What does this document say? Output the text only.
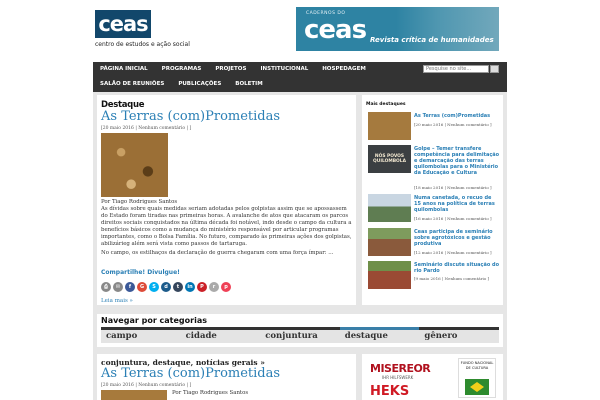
ceas
centro de estudos e ação social
CADERNOS DO
ceas Revista crítica de humanidades
PÁGINA INICIAL	PROGRAMAS	PROJETOS	INSTITUCIONAL	HOSPEDAGEM
SALÃO DE REUNIÕES	PUBLICAÇÕES	BOLETIM
Pesquise no site...
Destaque
As Terras (com)Prometidas
[20 maio 2016 | Nenhum comentário | ]
Por Tiago Rodrigues Santos
As dívidas sobre quais medidas seriam adotadas pelos golpistas assim que se apossassem do Estado foram tiradas nas primeiras horas. A avalanche de atos que atacaram os parcos direitos sociais conquistados na última década foi notável, indo desde o campo da cultura a benefícios básicos como a mudança do ministério responsável por articular programas importantes, como o Bolsa Família. No futuro, comparado às primeiras ações dos golpistas, abilizárieg além será vista como passos de tartaruga.
No campo, os estilhaços da declaração de guerra chegaram com uma força ímpar: ...
Compartilhe! Divulgue!
⎙	✉	f	G	S	d	t	in	P	r	p
Leia mais »
Mais destaques
As Terras (com)Prometidas
[20 maio 2016 | Nenhum comentário ]
NÓS POVOS QUILOMBOLA
Golpe – Temer transfere competência para delimitação e demarcação das terras quilombolas para o Ministério da Educação e Cultura
[18 maio 2016 | Nenhum comentário ]
Numa canetada, o recuo de 15 anos na política de terras quilombolas
[16 maio 2016 | Nenhum comentário ]
Ceas participa de seminário sobre agrotóxicos e gestão produtiva
[12 maio 2016 | Nenhum comentário ]
Seminário discute situação do rio Pardo
[9 maio 2016 | Nenhum comentário ]
Navegar por categorias
campo	cidade	conjuntura	destaque	gênero
conjuntura, destaque, notícias gerais »
As Terras (com)Prometidas
[20 maio 2016 | Nenhum comentário | ]
Por Tiago Rodrigues Santos
MISEREOR
IHR HILFSWERK
HEKS
FUNDO NACIONAL DE CULTURA
